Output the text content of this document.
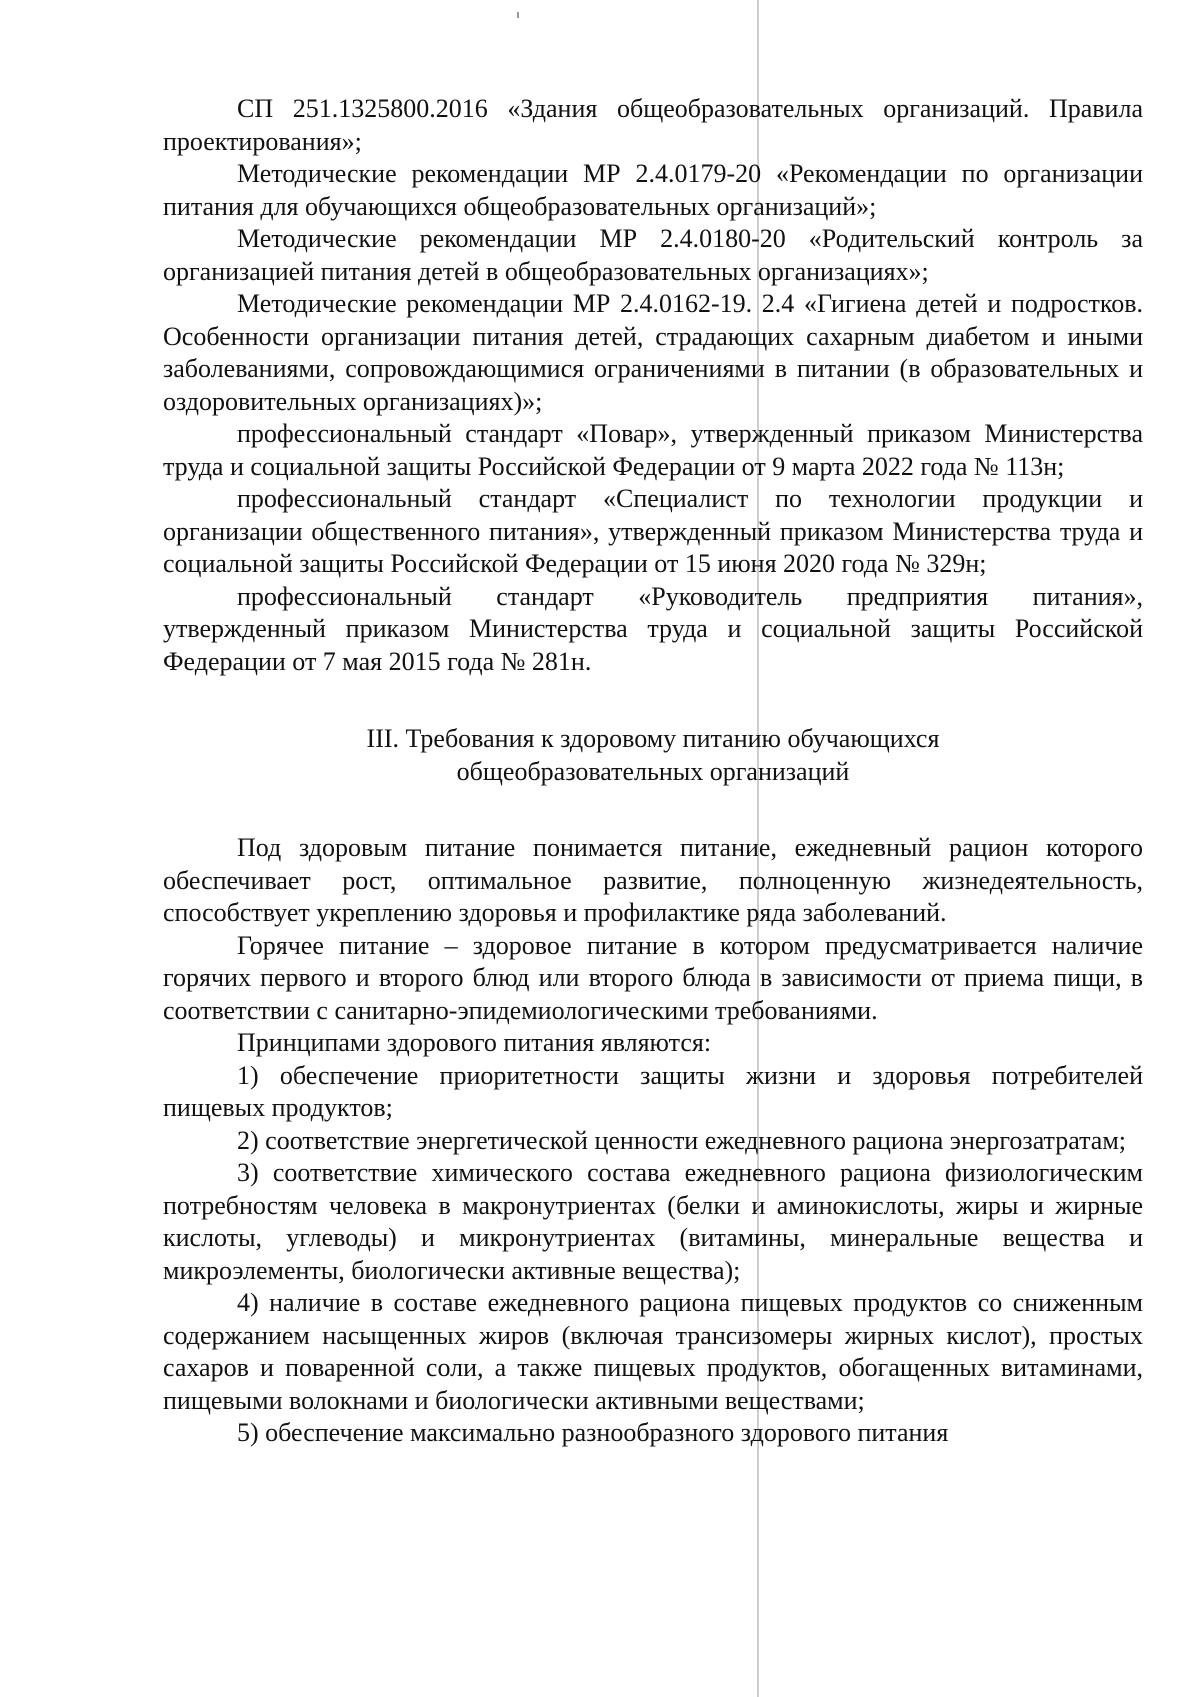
СП 251.1325800.2016 «Здания общеобразовательных организаций. Правила проектирования»;

Методические рекомендации МР 2.4.0179-20 «Рекомендации по организации питания для обучающихся общеобразовательных организаций»;

Методические рекомендации МР 2.4.0180-20 «Родительский контроль за организацией питания детей в общеобразовательных организациях»;

Методические рекомендации МР 2.4.0162-19. 2.4 «Гигиена детей и подростков. Особенности организации питания детей, страдающих сахарным диабетом и иными заболеваниями, сопровождающимися ограничениями в питании (в образовательных и оздоровительных организациях)»;

профессиональный стандарт «Повар», утвержденный приказом Министерства труда и социальной защиты Российской Федерации от 9 марта 2022 года № 113н;

профессиональный стандарт «Специалист по технологии продукции и организации общественного питания», утвержденный приказом Министерства труда и социальной защиты Российской Федерации от 15 июня 2020 года № 329н;

профессиональный стандарт «Руководитель предприятия питания», утвержденный приказом Министерства труда и социальной защиты Российской Федерации от 7 мая 2015 года № 281н.

III. Требования к здоровому питанию обучающихся
общеобразовательных организаций

Под здоровым питание понимается питание, ежедневный рацион которого обеспечивает рост, оптимальное развитие, полноценную жизнедеятельность, способствует укреплению здоровья и профилактике ряда заболеваний.

Горячее питание – здоровое питание в котором предусматривается наличие горячих первого и второго блюд или второго блюда в зависимости от приема пищи, в соответствии с санитарно-эпидемиологическими требованиями.

Принципами здорового питания являются:

1) обеспечение приоритетности защиты жизни и здоровья потребителей пищевых продуктов;

2) соответствие энергетической ценности ежедневного рациона энергозатратам;

3) соответствие химического состава ежедневного рациона физиологическим потребностям человека в макронутриентах (белки и аминокислоты, жиры и жирные кислоты, углеводы) и микронутриентах (витамины, минеральные вещества и микроэлементы, биологически активные вещества);

4) наличие в составе ежедневного рациона пищевых продуктов со сниженным содержанием насыщенных жиров (включая трансизомеры жирных кислот), простых сахаров и поваренной соли, а также пищевых продуктов, обогащенных витаминами, пищевыми волокнами и биологически активными веществами;

5) обеспечение максимально разнообразного здорового питания
